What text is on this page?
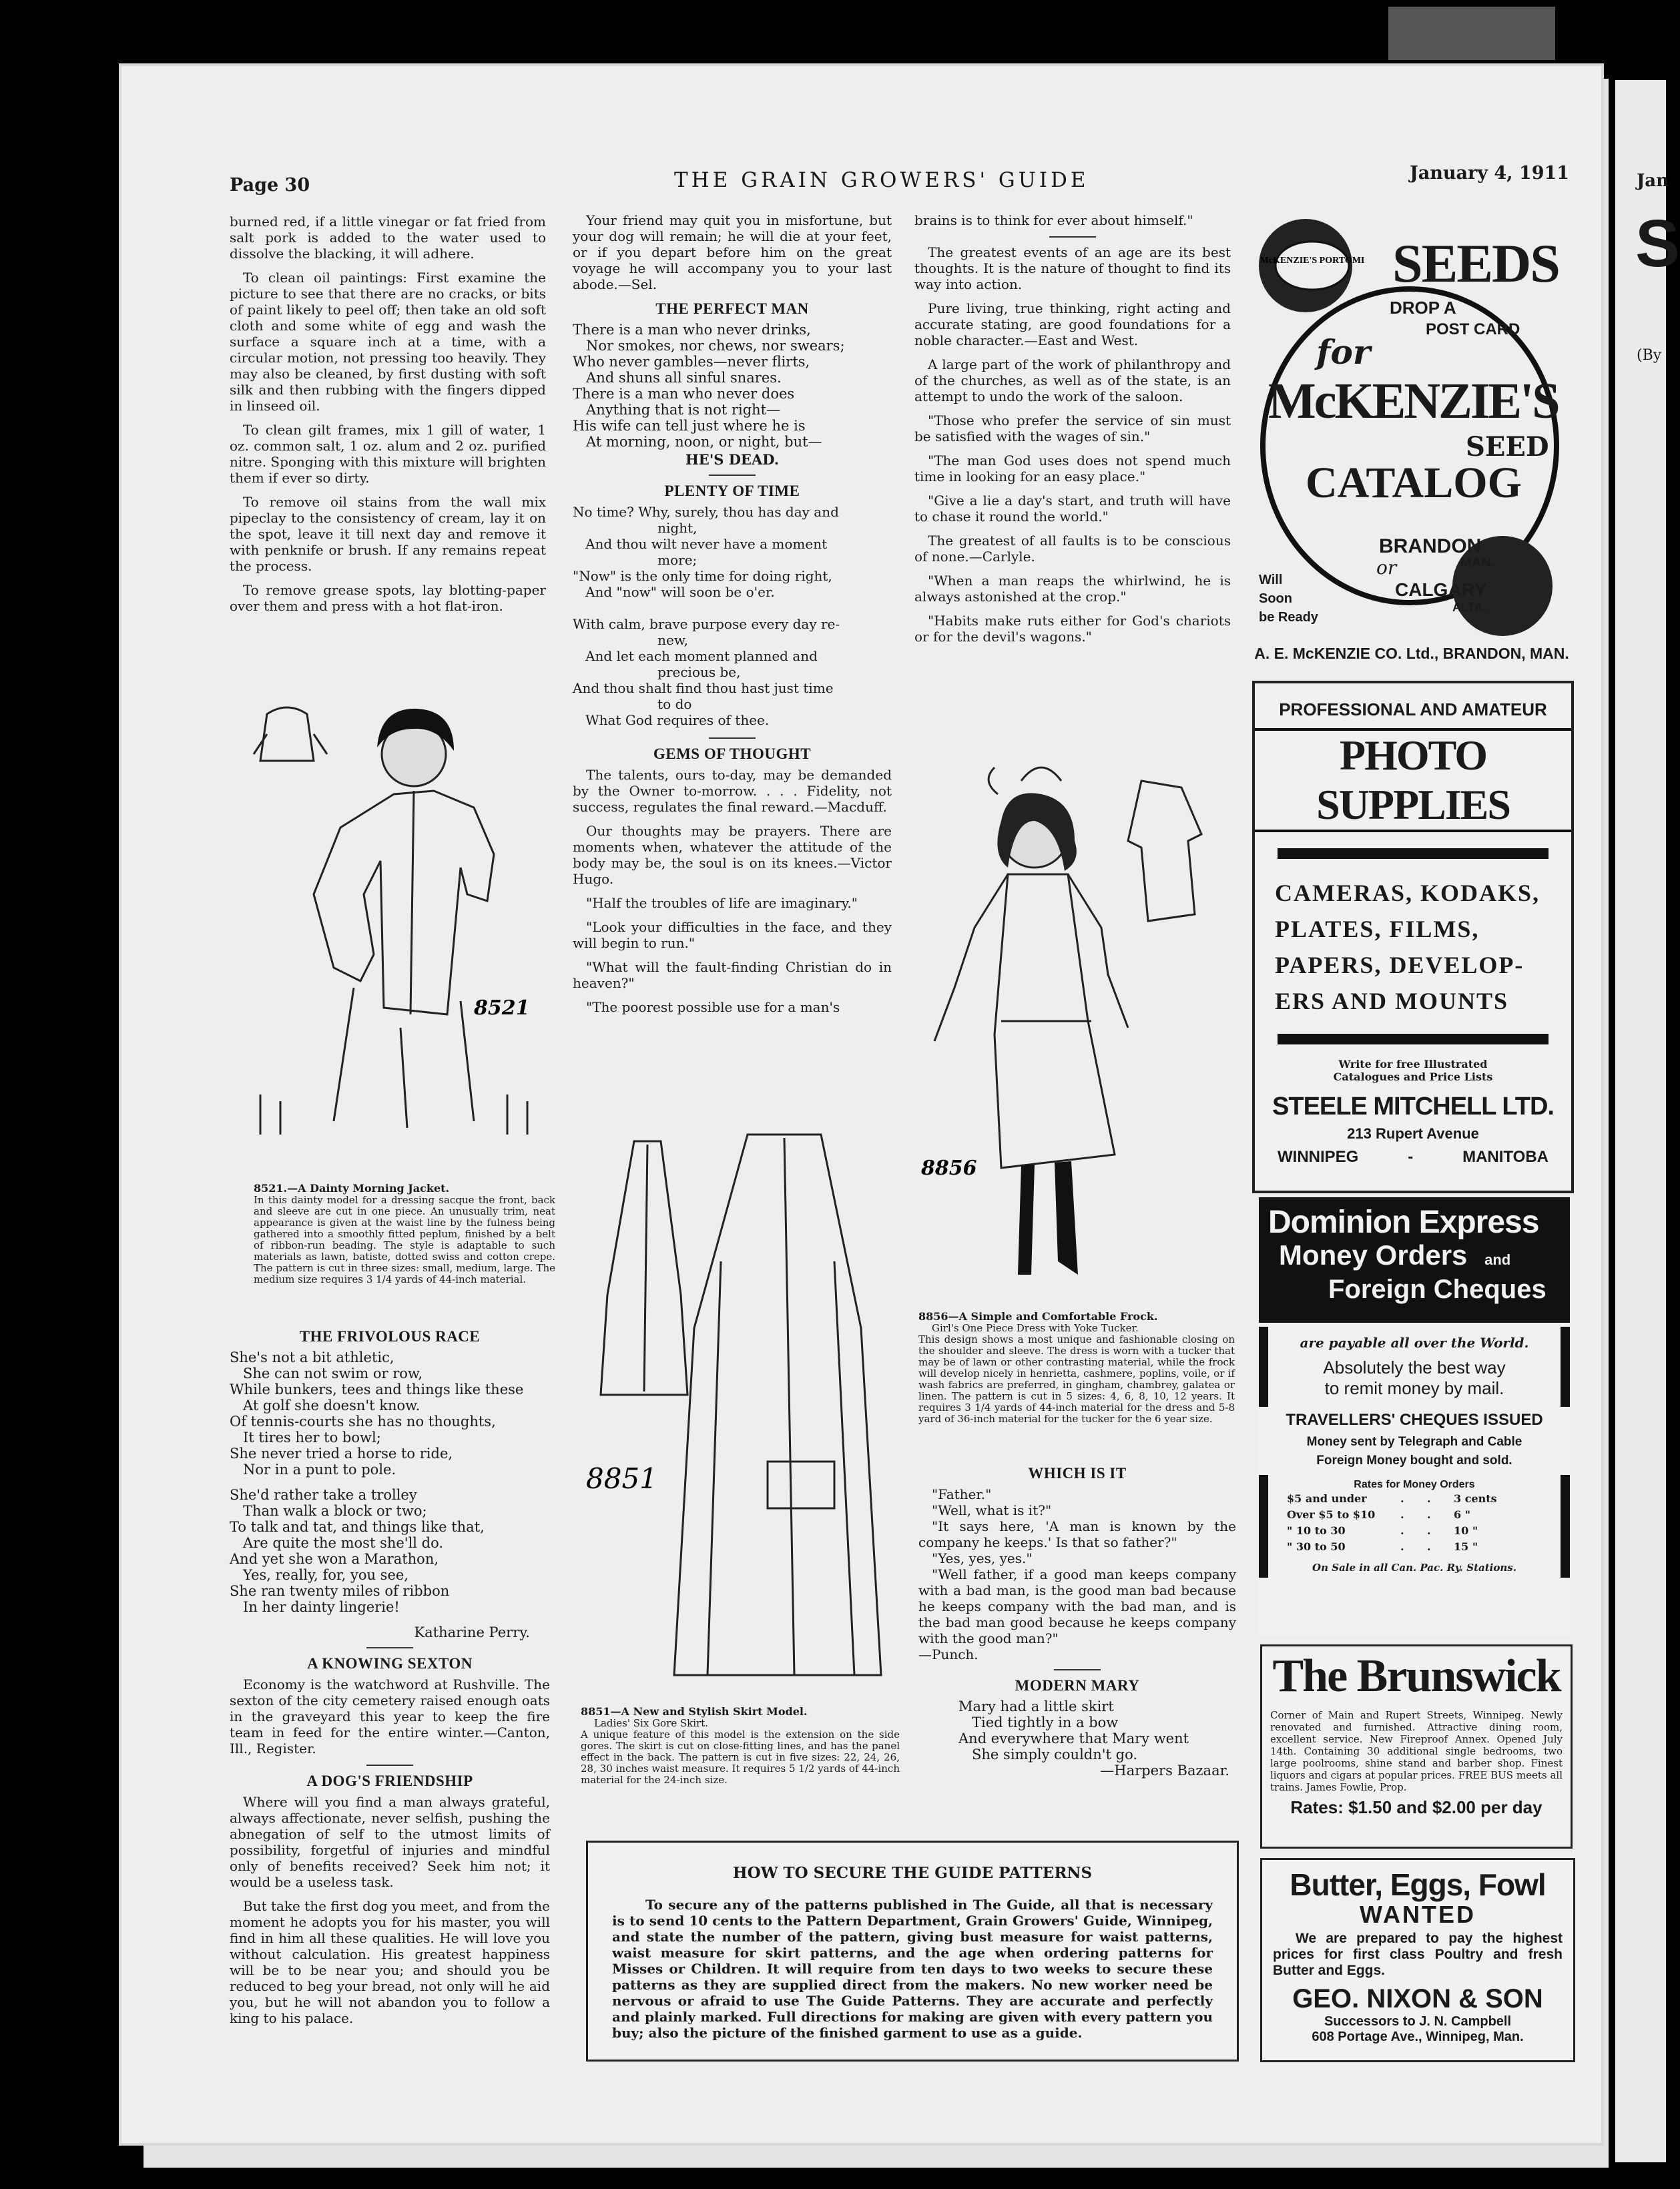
Jan
S
(By
Page 30	THE GRAIN GROWERS' GUIDE	January 4, 1911

burned red, if a little vinegar or fat fried from salt pork is added to the water used to dissolve the blacking, it will adhere.

To clean oil paintings: First examine the picture to see that there are no cracks, or bits of paint likely to peel off; then take an old soft cloth and some white of egg and wash the surface a square inch at a time, with a circular motion, not pressing too heavily. They may also be cleaned, by first dusting with soft silk and then rubbing with the fingers dipped in linseed oil.

To clean gilt frames, mix 1 gill of water, 1 oz. common salt, 1 oz. alum and 2 oz. purified nitre. Sponging with this mixture will brighten them if ever so dirty.

To remove oil stains from the wall mix pipeclay to the consistency of cream, lay it on the spot, leave it till next day and remove it with penknife or brush. If any remains repeat the process.

To remove grease spots, lay blotting-paper over them and press with a hot flat-iron.

8521
8521.—A Dainty Morning Jacket.
In this dainty model for a dressing sacque the front, back and sleeve are cut in one piece. An unusually trim, neat appearance is given at the waist line by the fulness being gathered into a smoothly fitted peplum, finished by a belt of ribbon-run beading. The style is adaptable to such materials as lawn, batiste, dotted swiss and cotton crepe. The pattern is cut in three sizes: small, medium, large. The medium size requires 3 1/4 yards of 44-inch material.
THE FRIVOLOUS RACE
She's not a bit athletic,
She can not swim or row,
While bunkers, tees and things like these
At golf she doesn't know.
Of tennis-courts she has no thoughts,
It tires her to bowl;
She never tried a horse to ride,
Nor in a punt to pole.
She'd rather take a trolley
Than walk a block or two;
To talk and tat, and things like that,
Are quite the most she'll do.
And yet she won a Marathon,
Yes, really, for, you see,
She ran twenty miles of ribbon
In her dainty lingerie!
Katharine Perry.
A KNOWING SEXTON

Economy is the watchword at Rushville. The sexton of the city cemetery raised enough oats in the graveyard this year to keep the fire team in feed for the entire winter.—Canton, Ill., Register.

A DOG'S FRIENDSHIP

Where will you find a man always grateful, always affectionate, never selfish, pushing the abnegation of self to the utmost limits of possibility, forgetful of injuries and mindful only of benefits received? Seek him not; it would be a useless task.

But take the first dog you meet, and from the moment he adopts you for his master, you will find in him all these qualities. He will love you without calculation. His greatest happiness will be to be near you; and should you be reduced to beg your bread, not only will he aid you, but he will not abandon you to follow a king to his palace.

Your friend may quit you in misfortune, but your dog will remain; he will die at your feet, or if you depart before him on the great voyage he will accompany you to your last abode.—Sel.

THE PERFECT MAN
There is a man who never drinks,
Nor smokes, nor chews, nor swears;
Who never gambles—never flirts,
And shuns all sinful snares.
There is a man who never does
Anything that is not right—
His wife can tell just where he is
At morning, noon, or night, but—
HE'S DEAD.
PLENTY OF TIME
No time? Why, surely, thou has day and
night,
And thou wilt never have a moment
more;
"Now" is the only time for doing right,
And "now" will soon be o'er.

With calm, brave purpose every day re-
new,
And let each moment planned and
precious be,
And thou shalt find thou hast just time
to do
What God requires of thee.
GEMS OF THOUGHT

The talents, ours to-day, may be demanded by the Owner to-morrow. . . . Fidelity, not success, regulates the final reward.—Macduff.

Our thoughts may be prayers. There are moments when, whatever the attitude of the body may be, the soul is on its knees.—Victor Hugo.

"Half the troubles of life are imaginary."

"Look your difficulties in the face, and they will begin to run."

"What will the fault-finding Christian do in heaven?"

"The poorest possible use for a man's

8851
8851—A New and Stylish Skirt Model.
Ladies' Six Gore Skirt.
A unique feature of this model is the extension on the side gores. The skirt is cut on close-fitting lines, and has the panel effect in the back. The pattern is cut in five sizes: 22, 24, 26, 28, 30 inches waist measure. It requires 5 1/2 yards of 44-inch material for the 24-inch size.

brains is to think for ever about himself."

The greatest events of an age are its best thoughts. It is the nature of thought to find its way into action.

Pure living, true thinking, right acting and accurate stating, are good foundations for a noble character.—East and West.

A large part of the work of philanthropy and of the churches, as well as of the state, is an attempt to undo the work of the saloon.

"Those who prefer the service of sin must be satisfied with the wages of sin."

"The man God uses does not spend much time in looking for an easy place."

"Give a lie a day's start, and truth will have to chase it round the world."

The greatest of all faults is to be conscious of none.—Carlyle.

"When a man reaps the whirlwind, he is always astonished at the crop."

"Habits make ruts either for God's chariots or for the devil's wagons."

8856
8856—A Simple and Comfortable Frock.
Girl's One Piece Dress with Yoke Tucker.
This design shows a most unique and fashionable closing on the shoulder and sleeve. The dress is worn with a tucker that may be of lawn or other contrasting material, while the frock will develop nicely in henrietta, cashmere, poplins, voile, or if wash fabrics are preferred, in gingham, chambrey, galatea or linen. The pattern is cut in 5 sizes: 4, 6, 8, 10, 12 years. It requires 3 1/4 yards of 44-inch material for the dress and 5-8 yard of 36-inch material for the tucker for the 6 year size.
WHICH IS IT

"Father."

"Well, what is it?"

"It says here, 'A man is known by the company he keeps.' Is that so father?"

"Yes, yes, yes."

"Well father, if a good man keeps company with a bad man, is the good man bad because he keeps company with the bad man, and is the bad man good because he keeps company with the good man?"

—Punch.

MODERN MARY
Mary had a little skirt
Tied tightly in a bow
And everywhere that Mary went
She simply couldn't go.
—Harpers Bazaar.
HOW TO SECURE THE GUIDE PATTERNS
To secure any of the patterns published in The Guide, all that is necessary is to send 10 cents to the Pattern Department, Grain Growers' Guide, Winnipeg, and state the number of the pattern, giving bust measure for waist patterns, waist measure for skirt patterns, and the age when ordering patterns for Misses or Children. It will require from ten days to two weeks to secure these patterns as they are supplied direct from the makers. No new worker need be nervous or afraid to use The Guide Patterns. They are accurate and perfectly and plainly marked. Full directions for making are given with every pattern you buy; also the picture of the finished garment to use as a guide.
McKENZIE'S PORTOMI SEEDS
DROP A
POST CARD
for
McKENZIE'S
SEED
CATALOG
BRANDON
MAN.
or
CALGARY
ALTA.
Will
Soon
be Ready
A. E. McKENZIE CO. Ltd., BRANDON, MAN.
PROFESSIONAL AND AMATEUR
PHOTO SUPPLIES
CAMERAS, KODAKS,
PLATES, FILMS,
PAPERS, DEVELOP-
ERS AND MOUNTS
Write for free Illustrated
Catalogues and Price Lists
STEELE MITCHELL LTD.
213 Rupert Avenue
WINNIPEG	-	MANITOBA
Dominion Express
Money Orders and
Foreign Cheques
are payable all over the World.
Absolutely the best way
to remit money by mail.
TRAVELLERS' CHEQUES ISSUED
Money sent by Telegraph and Cable
Foreign Money bought and sold.
Rates for Money Orders
$5 and under	.	.	3 cents
Over $5 to $10	.	.	6 "
" 10 to 30	.	.	10 "
" 30 to 50	.	.	15 "
On Sale in all Can. Pac. Ry. Stations.
The Brunswick
Corner of Main and Rupert Streets, Winnipeg. Newly renovated and furnished. Attractive dining room, excellent service. New Fireproof Annex. Opened July 14th. Containing 30 additional single bedrooms, two large poolrooms, shine stand and barber shop. Finest liquors and cigars at popular prices. FREE BUS meets all trains. James Fowlie, Prop.
Rates: $1.50 and $2.00 per day
Butter, Eggs, Fowl
WANTED
We are prepared to pay the highest prices for first class Poultry and fresh Butter and Eggs.
GEO. NIXON & SON
Successors to J. N. Campbell
608 Portage Ave., Winnipeg, Man.
